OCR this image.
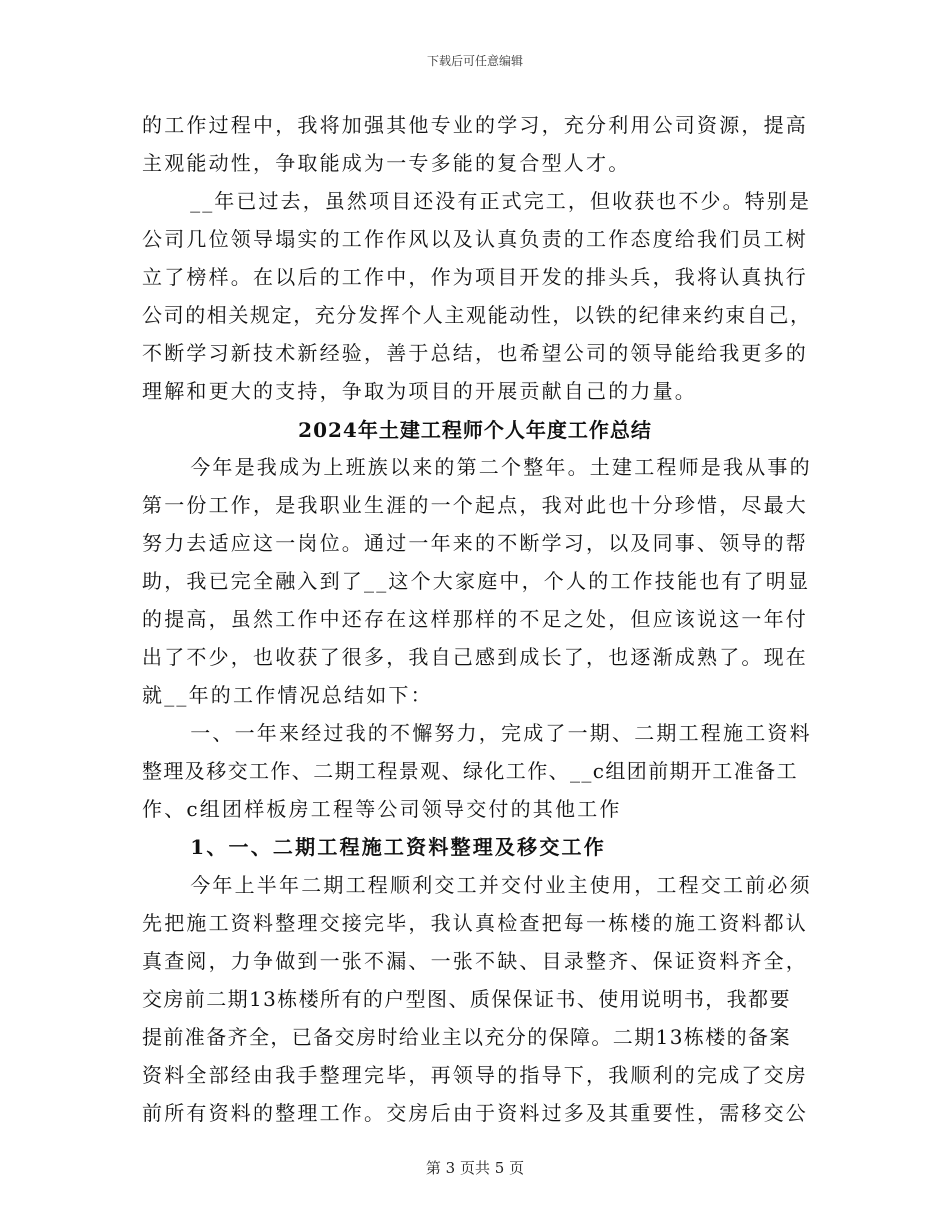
下载后可任意编辑
的工作过程中，我将加强其他专业的学习，充分利用公司资源，提高
主观能动性，争取能成为一专多能的复合型人才。
　__年已过去，虽然项目还没有正式完工，但收获也不少。特别是
公司几位领导塌实的工作作风以及认真负责的工作态度给我们员工树
立了榜样。在以后的工作中，作为项目开发的排头兵，我将认真执行
公司的相关规定，充分发挥个人主观能动性，以铁的纪律来约束自己，
不断学习新技术新经验，善于总结，也希望公司的领导能给我更多的
理解和更大的支持，争取为项目的开展贡献自己的力量。
2024年土建工程师个人年度工作总结
　今年是我成为上班族以来的第二个整年。土建工程师是我从事的
第一份工作，是我职业生涯的一个起点，我对此也十分珍惜，尽最大
努力去适应这一岗位。通过一年来的不断学习，以及同事、领导的帮
助，我已完全融入到了__这个大家庭中，个人的工作技能也有了明显
的提高，虽然工作中还存在这样那样的不足之处，但应该说这一年付
出了不少，也收获了很多，我自己感到成长了，也逐渐成熟了。现在
就__年的工作情况总结如下：
　一、一年来经过我的不懈努力，完成了一期、二期工程施工资料
整理及移交工作、二期工程景观、绿化工作、__c组团前期开工准备工
作、c组团样板房工程等公司领导交付的其他工作
　1、一、二期工程施工资料整理及移交工作
　今年上半年二期工程顺利交工并交付业主使用，工程交工前必须
先把施工资料整理交接完毕，我认真检查把每一栋楼的施工资料都认
真查阅，力争做到一张不漏、一张不缺、目录整齐、保证资料齐全，
交房前二期13栋楼所有的户型图、质保保证书、使用说明书，我都要
提前准备齐全，已备交房时给业主以充分的保障。二期13栋楼的备案
资料全部经由我手整理完毕，再领导的指导下，我顺利的完成了交房
前所有资料的整理工作。交房后由于资料过多及其重要性，需移交公
第 3 页共 5 页
